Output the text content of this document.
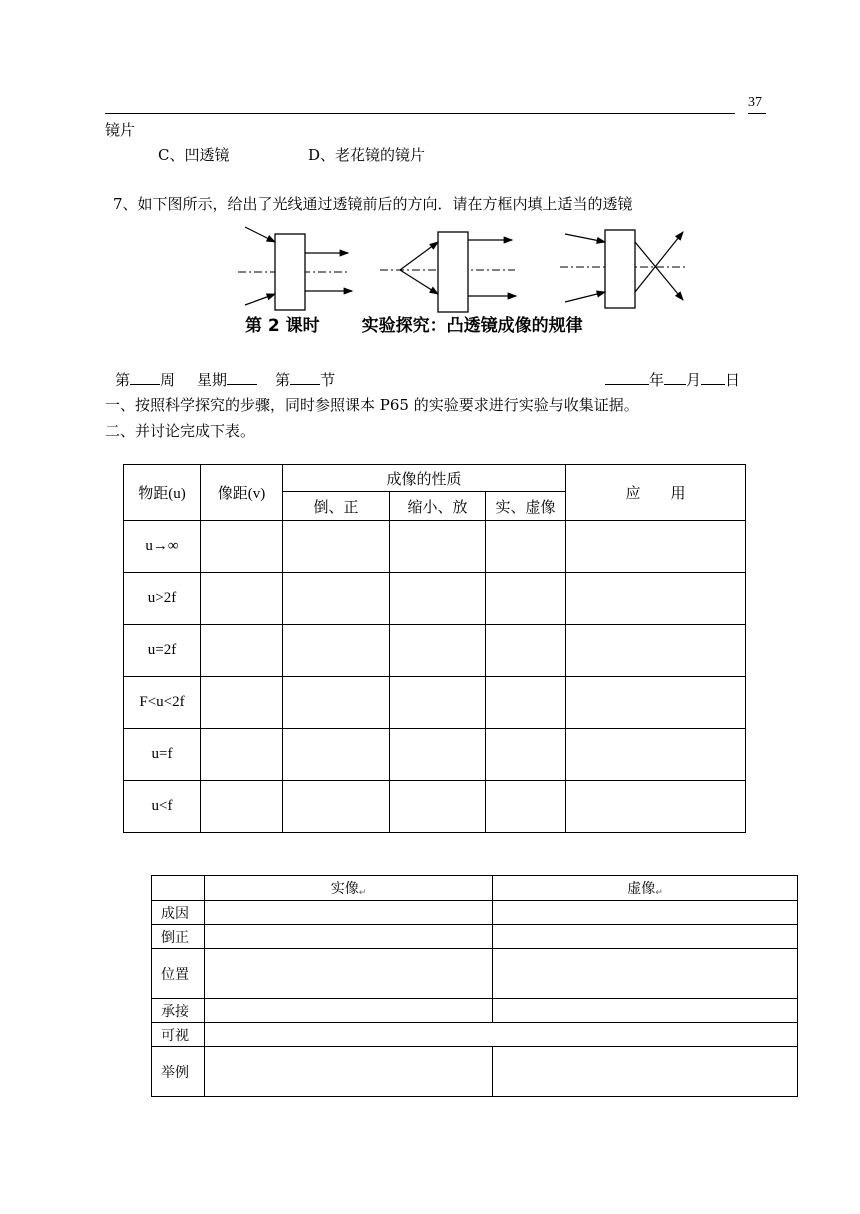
37
镜片
C、凹透镜	D、老花镜的镜片
7、如下图所示，给出了光线通过透镜前后的方向．请在方框内填上适当的透镜
第 2 课时 实验探究：凸透镜成像的规律
第 周 星期	第 节	年 月 日
一、按照科学探究的步骤，同时参照课本 P65 的实验要求进行实验与收集证据。
二、并讨论完成下表。
物距(u)	像距(v)	成像的性质			应　　用
		倒、正	缩小、放	实、虚像	
u→∞					
u>2f					
u=2f					
F<u<2f					
u=f					
u<f					
	实像↵	虚像↵
成因		
倒正		
位置		
承接		
可视		
举例		
